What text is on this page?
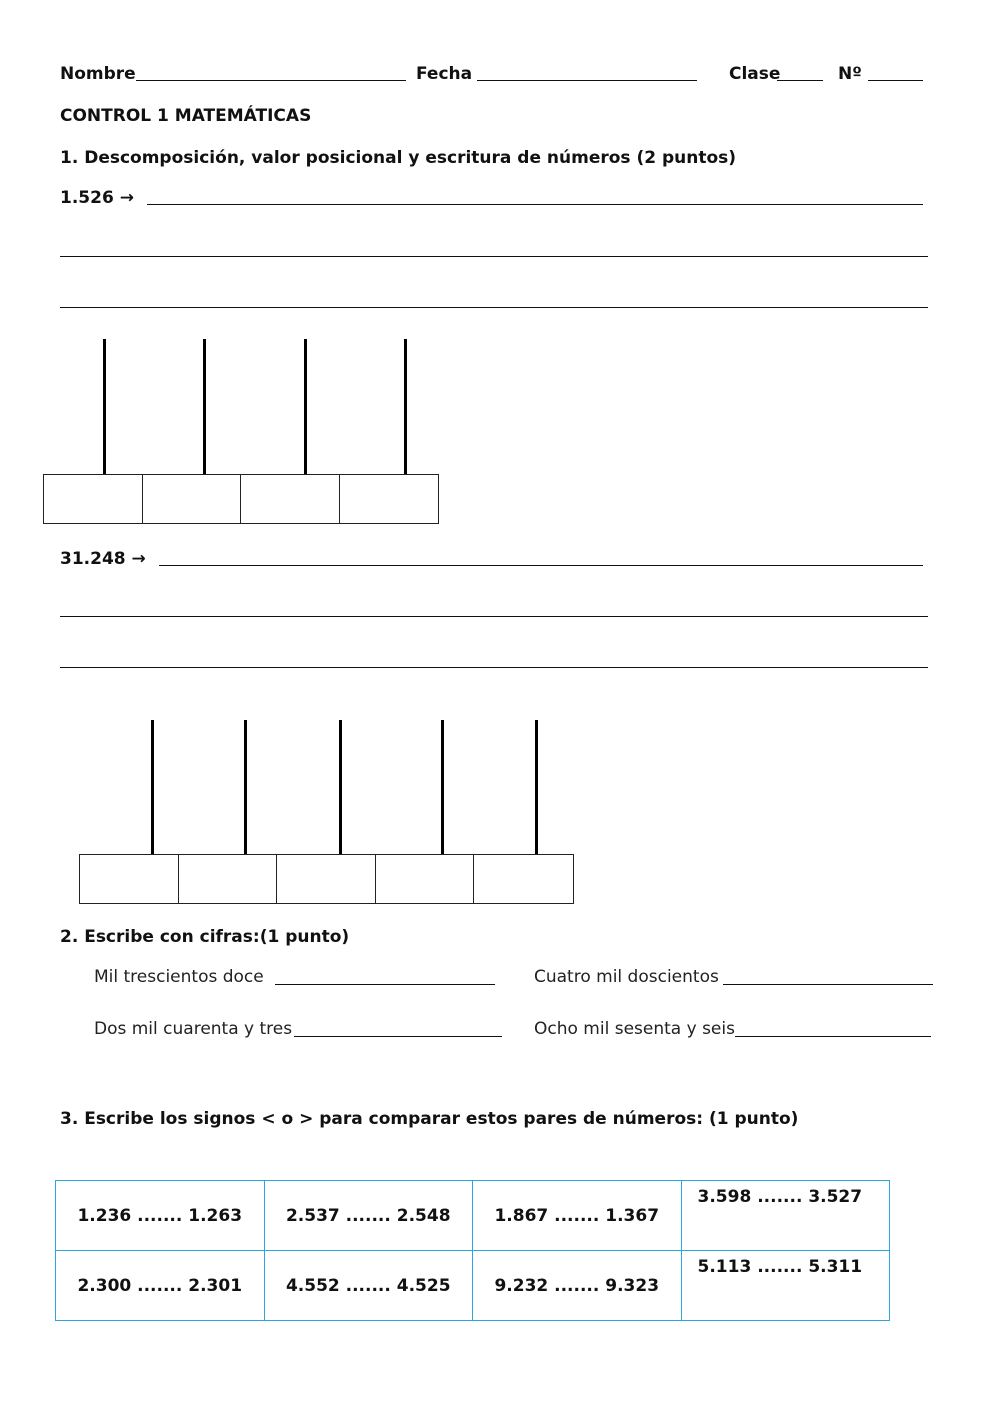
Nombre	Fecha	Clase	Nº
CONTROL 1 MATEMÁTICAS
1. Descomposición, valor posicional y escritura de números (2 puntos)
1.526 →
31.248 →
2. Escribe con cifras:(1 punto)
Mil trescientos doce	Cuatro mil doscientos
Dos mil cuarenta y tres	Ocho mil sesenta y seis
3. Escribe los signos < o > para comparar estos pares de números: (1 punto)
1.236 ....... 1.263	2.537 ....... 2.548	1.867 ....... 1.367	3.598 ....... 3.527
2.300 ....... 2.301	4.552 ....... 4.525	9.232 ....... 9.323	5.113 ....... 5.311
